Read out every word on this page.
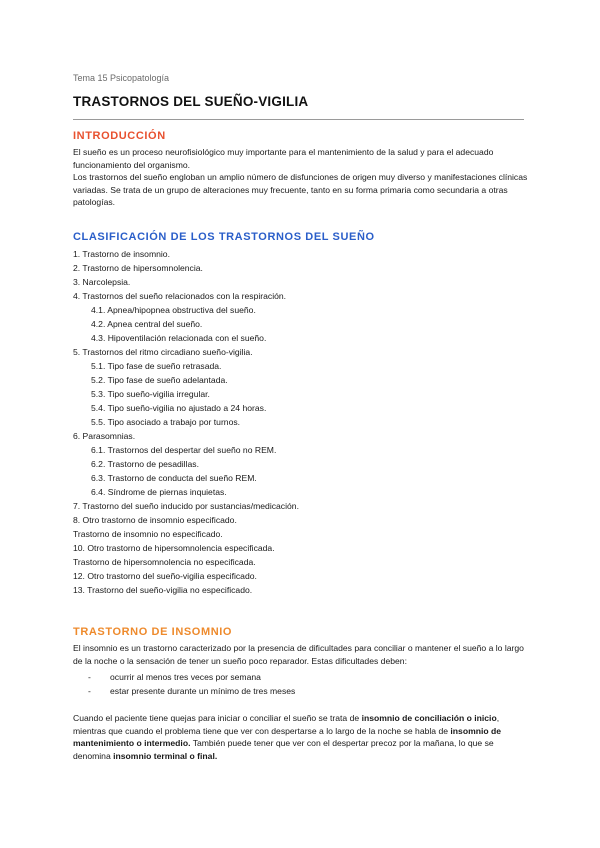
Tema 15 Psicopatología
TRASTORNOS DEL SUEÑO-VIGILIA
INTRODUCCIÓN

El sueño es un proceso neurofisiológico muy importante para el mantenimiento de la salud y para el adecuado funcionamiento del organismo.

Los trastornos del sueño engloban un amplio número de disfunciones de origen muy diverso y manifestaciones clínicas variadas. Se trata de un grupo de alteraciones muy frecuente, tanto en su forma primaria como secundaria a otras patologías.

CLASIFICACIÓN DE LOS TRASTORNOS DEL SUEÑO
1. Trastorno de insomnio.
2. Trastorno de hipersomnolencia.
3. Narcolepsia.
4. Trastornos del sueño relacionados con la respiración.
4.1. Apnea/hipopnea obstructiva del sueño.
4.2. Apnea central del sueño.
4.3. Hipoventilación relacionada con el sueño.
5. Trastornos del ritmo circadiano sueño-vigilia.
5.1. Tipo fase de sueño retrasada.
5.2. Tipo fase de sueño adelantada.
5.3. Tipo sueño-vigilia irregular.
5.4. Tipo sueño-vigilia no ajustado a 24 horas.
5.5. Tipo asociado a trabajo por turnos.
6. Parasomnias.
6.1. Trastornos del despertar del sueño no REM.
6.2. Trastorno de pesadillas.
6.3. Trastorno de conducta del sueño REM.
6.4. Síndrome de piernas inquietas.
7. Trastorno del sueño inducido por sustancias/medicación.
8. Otro trastorno de insomnio especificado.
Trastorno de insomnio no especificado.
10. Otro trastorno de hipersomnolencia especificada.
Trastorno de hipersomnolencia no especificada.
12. Otro trastorno del sueño-vigilia especificado.
13. Trastorno del sueño-vigilia no especificado.
TRASTORNO DE INSOMNIO

El insomnio es un trastorno caracterizado por la presencia de dificultades para conciliar o mantener el sueño a lo largo de la noche o la sensación de tener un sueño poco reparador. Estas dificultades deben:

-	ocurrir al menos tres veces por semana
-	estar presente durante un mínimo de tres meses

Cuando el paciente tiene quejas para iniciar o conciliar el sueño se trata de insomnio de conciliación o inicio, mientras que cuando el problema tiene que ver con despertarse a lo largo de la noche se habla de insomnio de mantenimiento o intermedio. También puede tener que ver con el despertar precoz por la mañana, lo que se denomina insomnio terminal o final.
